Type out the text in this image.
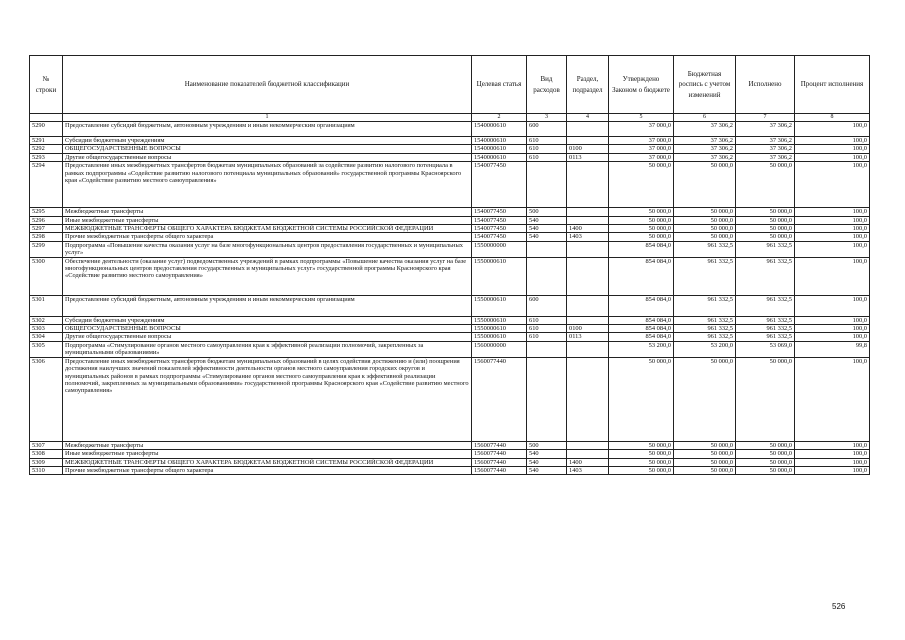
№ строки	Наименование показателей бюджетной классификации	Целевая статья	Вид расходов	Раздел, подраздел	Утверждено Законом о бюджете	Бюджетная роспись с учетом изменений	Исполнено	Процент исполнения
	1	2	3	4	5	6	7	8
5290	Предоставление субсидий бюджетным, автономным учреждениям и иным некоммерческим организациям	1540000610	600		37 000,0	37 306,2	37 306,2	100,0
5291	Субсидии бюджетным учреждениям	1540000610	610		37 000,0	37 306,2	37 306,2	100,0
5292	ОБЩЕГОСУДАРСТВЕННЫЕ ВОПРОСЫ	1540000610	610	0100	37 000,0	37 306,2	37 306,2	100,0
5293	Другие общегосударственные вопросы	1540000610	610	0113	37 000,0	37 306,2	37 306,2	100,0
5294	Предоставление иных межбюджетных трансфертов бюджетам муниципальных образований за содействие развитию налогового потенциала в рамках подпрограммы «Содействие развитию налогового потенциала муниципальных образований» государственной программы Красноярского края «Содействие развитию местного самоуправления»	1540077450			50 000,0	50 000,0	50 000,0	100,0
5295	Межбюджетные трансферты	1540077450	500		50 000,0	50 000,0	50 000,0	100,0
5296	Иные межбюджетные трансферты	1540077450	540		50 000,0	50 000,0	50 000,0	100,0
5297	МЕЖБЮДЖЕТНЫЕ ТРАНСФЕРТЫ ОБЩЕГО ХАРАКТЕРА БЮДЖЕТАМ БЮДЖЕТНОЙ СИСТЕМЫ РОССИЙСКОЙ ФЕДЕРАЦИИ	1540077450	540	1400	50 000,0	50 000,0	50 000,0	100,0
5298	Прочие межбюджетные трансферты общего характера	1540077450	540	1403	50 000,0	50 000,0	50 000,0	100,0
5299	Подпрограмма «Повышение качества оказания услуг на базе многофункциональных центров предоставления государственных и муниципальных услуг»	1550000000			854 084,0	961 332,5	961 332,5	100,0
5300	Обеспечение деятельности (оказание услуг) подведомственных учреждений в рамках подпрограммы «Повышение качества оказания услуг на базе многофункциональных центров предоставления государственных и муниципальных услуг» государственной программы Красноярского края «Содействие развитию местного самоуправления»	1550000610			854 084,0	961 332,5	961 332,5	100,0
5301	Предоставление субсидий бюджетным, автономным учреждениям и иным некоммерческим организациям	1550000610	600		854 084,0	961 332,5	961 332,5	100,0
5302	Субсидии бюджетным учреждениям	1550000610	610		854 084,0	961 332,5	961 332,5	100,0
5303	ОБЩЕГОСУДАРСТВЕННЫЕ ВОПРОСЫ	1550000610	610	0100	854 084,0	961 332,5	961 332,5	100,0
5304	Другие общегосударственные вопросы	1550000610	610	0113	854 084,0	961 332,5	961 332,5	100,0
5305	Подпрограмма «Стимулирование органов местного самоуправления края к эффективной реализации полномочий, закрепленных за муниципальными образованиями»	1560000000			53 200,0	53 200,0	53 069,0	99,8
5306	Предоставление иных межбюджетных трансфертов бюджетам муниципальных образований в целях содействия достижению и (или) поощрения достижения наилучших значений показателей эффективности деятельности органов местного самоуправления городских округов и муниципальных районов в рамках подпрограммы «Стимулирование органов местного самоуправления края к эффективной реализации полномочий, закрепленных за муниципальными образованиями» государственной программы Красноярского края «Содействие развитию местного самоуправления»	1560077440			50 000,0	50 000,0	50 000,0	100,0
5307	Межбюджетные трансферты	1560077440	500		50 000,0	50 000,0	50 000,0	100,0
5308	Иные межбюджетные трансферты	1560077440	540		50 000,0	50 000,0	50 000,0	100,0
5309	МЕЖБЮДЖЕТНЫЕ ТРАНСФЕРТЫ ОБЩЕГО ХАРАКТЕРА БЮДЖЕТАМ БЮДЖЕТНОЙ СИСТЕМЫ РОССИЙСКОЙ ФЕДЕРАЦИИ	1560077440	540	1400	50 000,0	50 000,0	50 000,0	100,0
5310	Прочие межбюджетные трансферты общего характера	1560077440	540	1403	50 000,0	50 000,0	50 000,0	100,0
526
